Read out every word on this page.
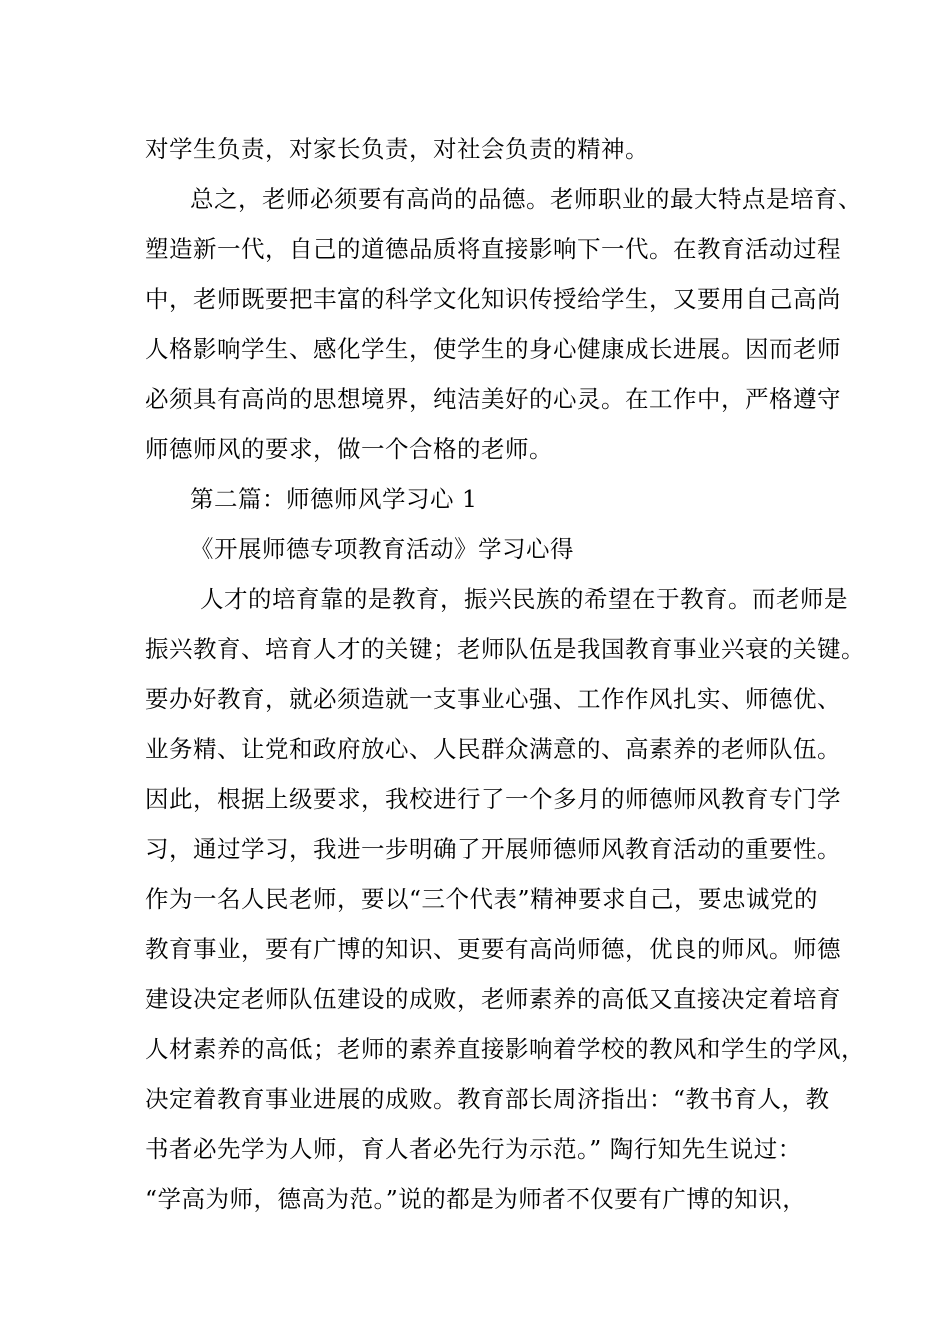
对学生负责，对家长负责，对社会负责的精神。
总之，老师必须要有高尚的品德。老师职业的最大特点是培育、
塑造新一代，自己的道德品质将直接影响下一代。在教育活动过程
中，老师既要把丰富的科学文化知识传授给学生，又要用自己高尚
人格影响学生、感化学生，使学生的身心健康成长进展。因而老师
必须具有高尚的思想境界，纯洁美好的心灵。在工作中，严格遵守
师德师风的要求，做一个合格的老师。
第二篇：师德师风学习心 1
《开展师德专项教育活动》学习心得
人才的培育靠的是教育，振兴民族的希望在于教育。而老师是
振兴教育、培育人才的关键；老师队伍是我国教育事业兴衰的关键。
要办好教育，就必须造就一支事业心强、工作作风扎实、师德优、
业务精、让党和政府放心、人民群众满意的、高素养的老师队伍。
因此，根据上级要求，我校进行了一个多月的师德师风教育专门学
习，通过学习，我进一步明确了开展师德师风教育活动的重要性。
作为一名人民老师，要以“三个代表”精神要求自己，要忠诚党的
教育事业，要有广博的知识、更要有高尚师德，优良的师风。师德
建设决定老师队伍建设的成败，老师素养的高低又直接决定着培育
人材素养的高低；老师的素养直接影响着学校的教风和学生的学风，
决定着教育事业进展的成败。教育部长周济指出：“教书育人，教
书者必先学为人师，育人者必先行为示范。” 陶行知先生说过：
“学高为师，德高为范。”说的都是为师者不仅要有广博的知识，
